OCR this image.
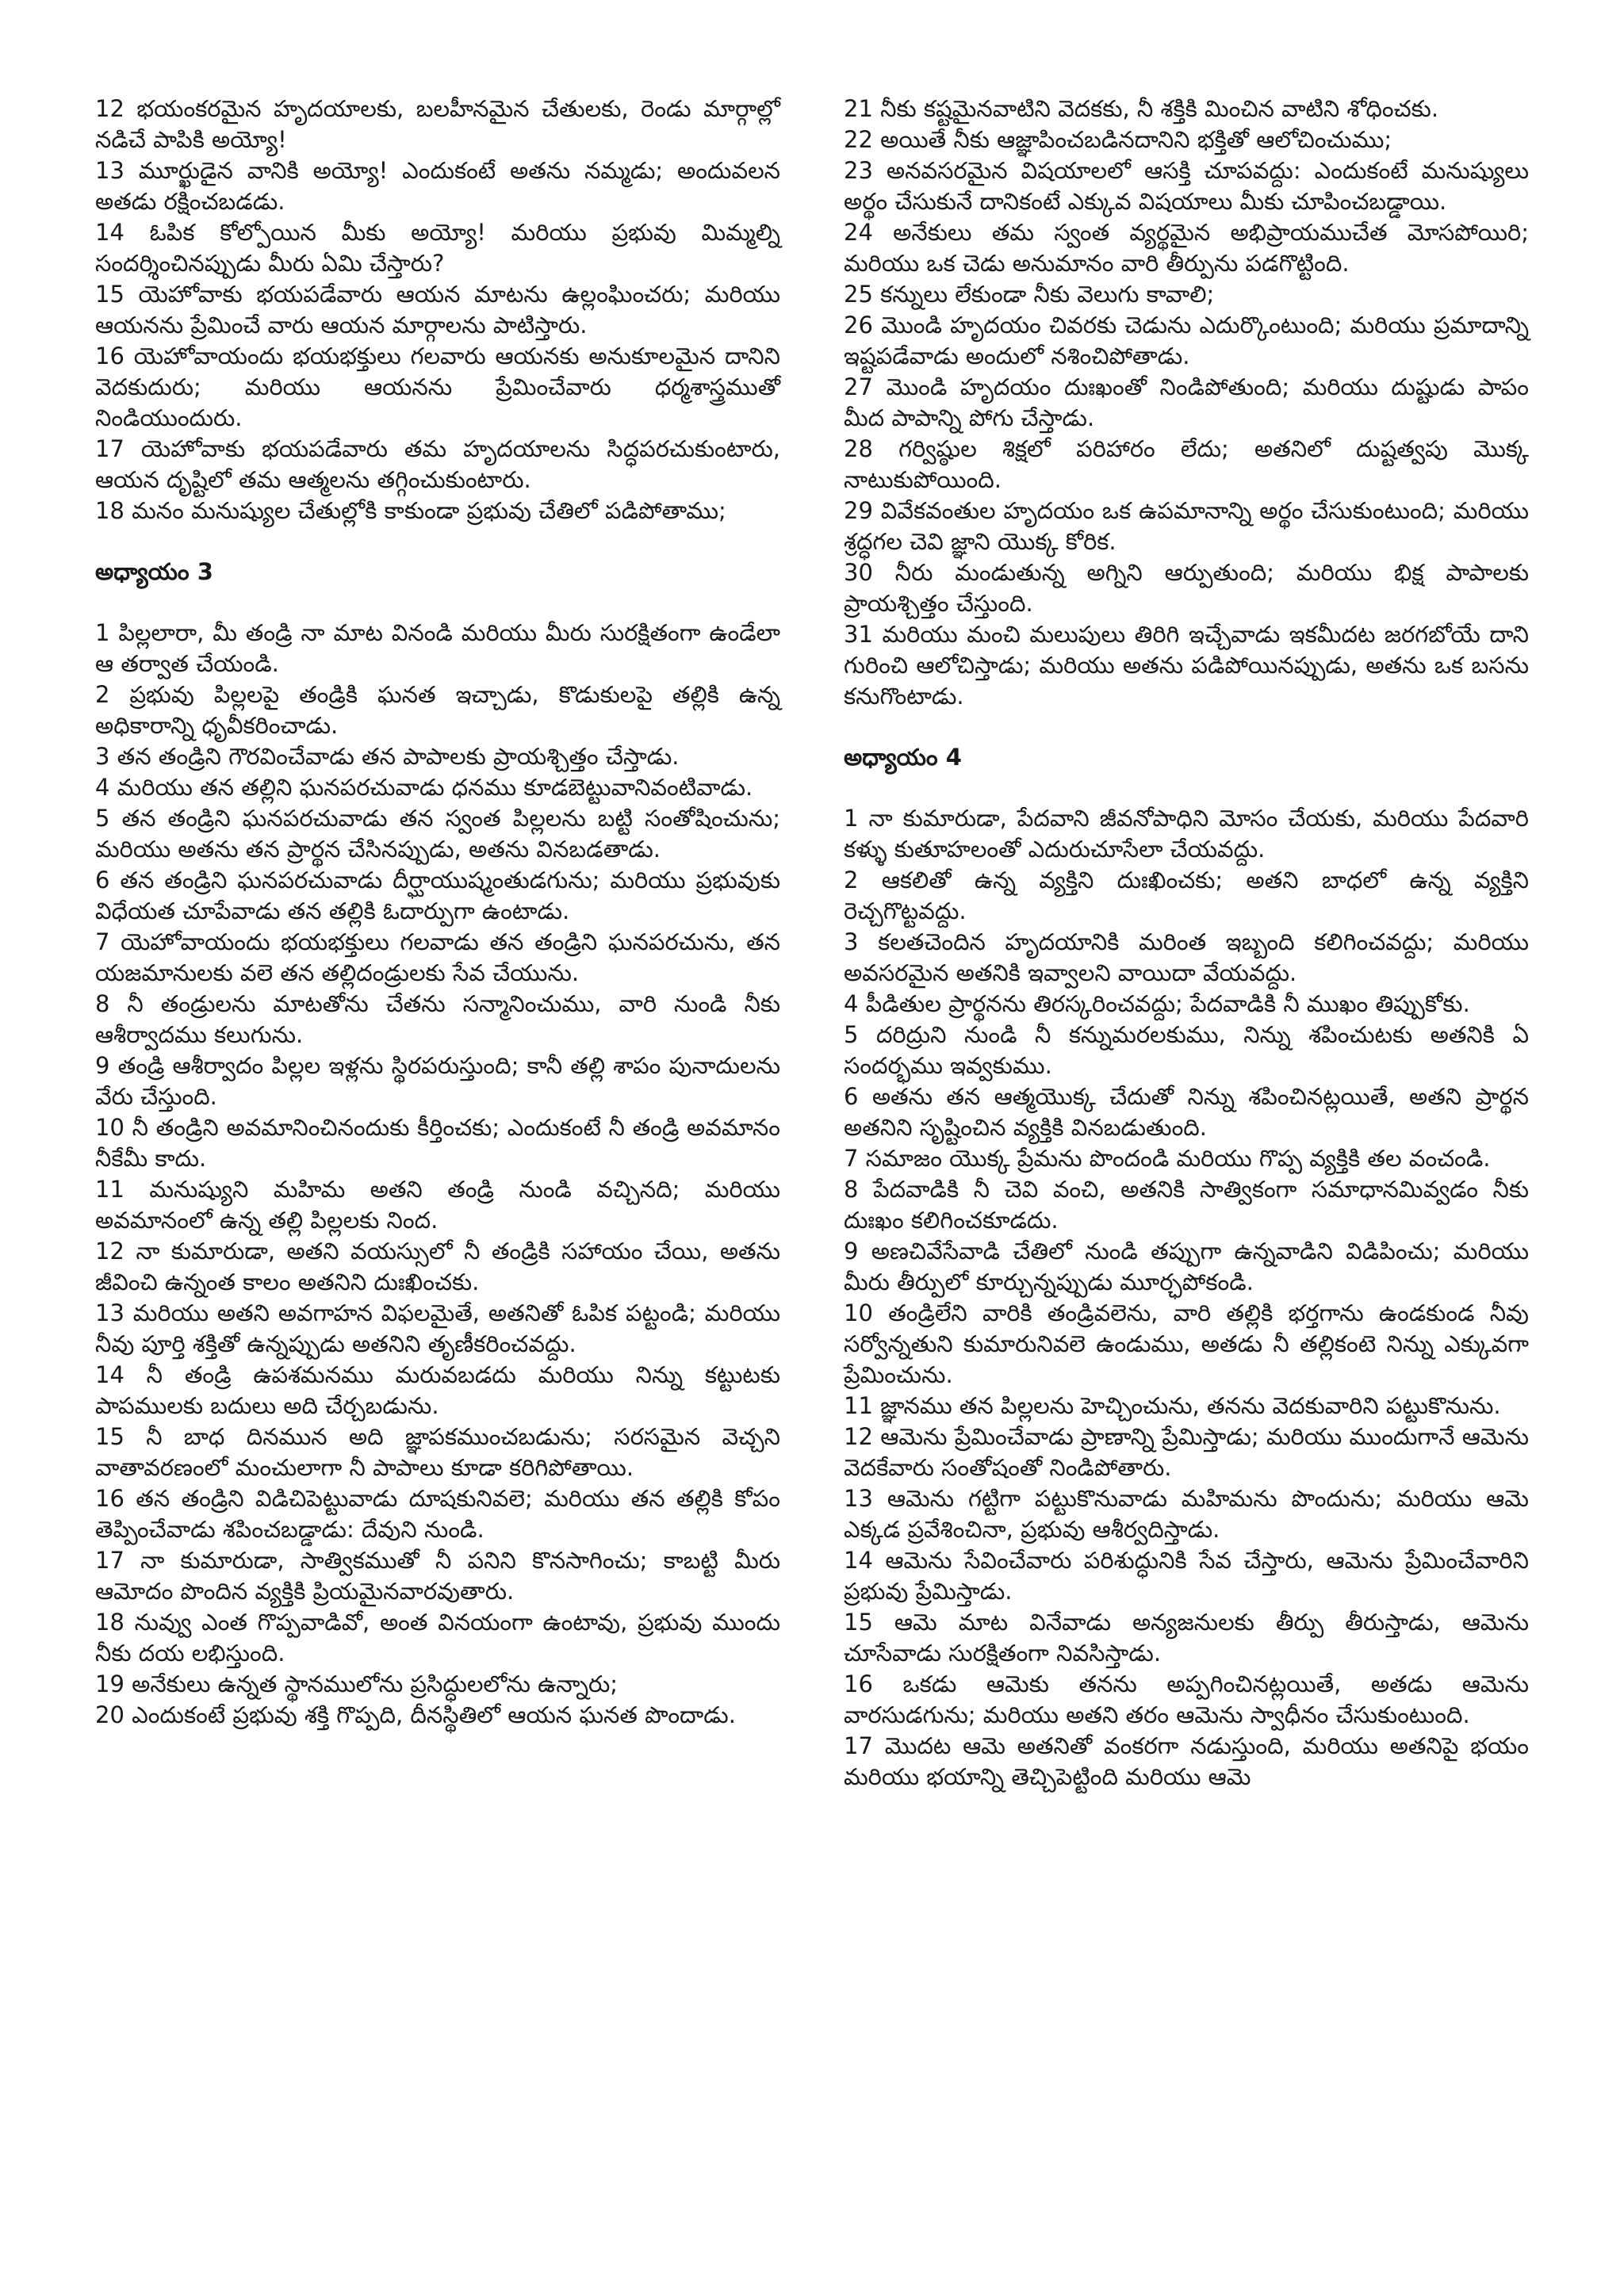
12 భయంకరమైన హృదయాలకు, బలహీనమైన చేతులకు, రెండు మార్గాల్లో నడిచే పాపికి అయ్యో!

13 మూర్ఖుడైన వానికి అయ్యో! ఎందుకంటే అతను నమ్మడు; అందువలన అతడు రక్షించబడడు.

14 ఓపిక కోల్పోయిన మీకు అయ్యో! మరియు ప్రభువు మిమ్మల్ని సందర్శించినప్పుడు మీరు ఏమి చేస్తారు?

15 యెహోవాకు భయపడేవారు ఆయన మాటను ఉల్లంఘించరు; మరియు ఆయనను ప్రేమించే వారు ఆయన మార్గాలను పాటిస్తారు.

16 యెహోవాయందు భయభక్తులు గలవారు ఆయనకు అనుకూలమైన దానిని వెదకుదురు; మరియు ఆయనను ప్రేమించేవారు ధర్మశాస్త్రముతో నిండియుందురు.

17 యెహోవాకు భయపడేవారు తమ హృదయాలను సిద్ధపరచుకుంటారు, ఆయన దృష్టిలో తమ ఆత్మలను తగ్గించుకుంటారు.

18 మనం మనుష్యుల చేతుల్లోకి కాకుండా ప్రభువు చేతిలో పడిపోతాము;

అధ్యాయం 3

1 పిల్లలారా, మీ తండ్రి నా మాట వినండి మరియు మీరు సురక్షితంగా ఉండేలా ఆ తర్వాత చేయండి.

2 ప్రభువు పిల్లలపై తండ్రికి ఘనత ఇచ్చాడు, కొడుకులపై తల్లికి ఉన్న అధికారాన్ని ధృవీకరించాడు.

3 తన తండ్రిని గౌరవించేవాడు తన పాపాలకు ప్రాయశ్చిత్తం చేస్తాడు.

4 మరియు తన తల్లిని ఘనపరచువాడు ధనము కూడబెట్టువానివంటివాడు.

5 తన తండ్రిని ఘనపరచువాడు తన స్వంత పిల్లలను బట్టి సంతోషించును; మరియు అతను తన ప్రార్థన చేసినప్పుడు, అతను వినబడతాడు.

6 తన తండ్రిని ఘనపరచువాడు దీర్ఘాయుష్మంతుడగును; మరియు ప్రభువుకు విధేయత చూపేవాడు తన తల్లికి ఓదార్పుగా ఉంటాడు.

7 యెహోవాయందు భయభక్తులు గలవాడు తన తండ్రిని ఘనపరచును, తన యజమానులకు వలె తన తల్లిదండ్రులకు సేవ చేయును.

8 నీ తండ్రులను మాటతోను చేతను సన్మానించుము, వారి నుండి నీకు ఆశీర్వాదము కలుగును.

9 తండ్రి ఆశీర్వాదం పిల్లల ఇళ్లను స్థిరపరుస్తుంది; కానీ తల్లి శాపం పునాదులను వేరు చేస్తుంది.

10 నీ తండ్రిని అవమానించినందుకు కీర్తించకు; ఎందుకంటే నీ తండ్రి అవమానం నీకేమీ కాదు.

11 మనుష్యుని మహిమ అతని తండ్రి నుండి వచ్చినది; మరియు అవమానంలో ఉన్న తల్లి పిల్లలకు నింద.

12 నా కుమారుడా, అతని వయస్సులో నీ తండ్రికి సహాయం చేయి, అతను జీవించి ఉన్నంత కాలం అతనిని దుఃఖించకు.

13 మరియు అతని అవగాహన విఫలమైతే, అతనితో ఓపిక పట్టండి; మరియు నీవు పూర్తి శక్తితో ఉన్నప్పుడు అతనిని తృణీకరించవద్దు.

14 నీ తండ్రి ఉపశమనము మరువబడదు మరియు నిన్ను కట్టుటకు పాపములకు బదులు అది చేర్చబడును.

15 నీ బాధ దినమున అది జ్ఞాపకముంచబడును; సరసమైన వెచ్చని వాతావరణంలో మంచులాగా నీ పాపాలు కూడా కరిగిపోతాయి.

16 తన తండ్రిని విడిచిపెట్టువాడు దూషకునివలె; మరియు తన తల్లికి కోపం తెప్పించేవాడు శపించబడ్డాడు: దేవుని నుండి.

17 నా కుమారుడా, సాత్వికముతో నీ పనిని కొనసాగించు; కాబట్టి మీరు ఆమోదం పొందిన వ్యక్తికి ప్రియమైనవారవుతారు.

18 నువ్వు ఎంత గొప్పవాడివో, అంత వినయంగా ఉంటావు, ప్రభువు ముందు నీకు దయ లభిస్తుంది.

19 అనేకులు ఉన్నత స్థానములోను ప్రసిద్ధులలోను ఉన్నారు;

20 ఎందుకంటే ప్రభువు శక్తి గొప్పది, దీనస్థితిలో ఆయన ఘనత పొందాడు.

21 నీకు కష్టమైనవాటిని వెదకకు, నీ శక్తికి మించిన వాటిని శోధించకు.

22 అయితే నీకు ఆజ్ఞాపించబడినదానిని భక్తితో ఆలోచించుము;

23 అనవసరమైన విషయాలలో ఆసక్తి చూపవద్దు: ఎందుకంటే మనుష్యులు అర్థం చేసుకునే దానికంటే ఎక్కువ విషయాలు మీకు చూపించబడ్డాయి.

24 అనేకులు తమ స్వంత వ్యర్థమైన అభిప్రాయముచేత మోసపోయిరి; మరియు ఒక చెడు అనుమానం వారి తీర్పును పడగొట్టింది.

25 కన్నులు లేకుండా నీకు వెలుగు కావాలి;

26 మొండి హృదయం చివరకు చెడును ఎదుర్కొంటుంది; మరియు ప్రమాదాన్ని ఇష్టపడేవాడు అందులో నశించిపోతాడు.

27 మొండి హృదయం దుఃఖంతో నిండిపోతుంది; మరియు దుష్టుడు పాపం మీద పాపాన్ని పోగు చేస్తాడు.

28 గర్విష్ఠుల శిక్షలో పరిహారం లేదు; అతనిలో దుష్టత్వపు మొక్క నాటుకుపోయింది.

29 వివేకవంతుల హృదయం ఒక ఉపమానాన్ని అర్థం చేసుకుంటుంది; మరియు శ్రద్ధగల చెవి జ్ఞాని యొక్క కోరిక.

30 నీరు మండుతున్న అగ్నిని ఆర్పుతుంది; మరియు భిక్ష పాపాలకు ప్రాయశ్చిత్తం చేస్తుంది.

31 మరియు మంచి మలుపులు తిరిగి ఇచ్చేవాడు ఇకమీదట జరగబోయే దాని గురించి ఆలోచిస్తాడు; మరియు అతను పడిపోయినప్పుడు, అతను ఒక బసను కనుగొంటాడు.

అధ్యాయం 4

1 నా కుమారుడా, పేదవాని జీవనోపాధిని మోసం చేయకు, మరియు పేదవారి కళ్ళు కుతూహలంతో ఎదురుచూసేలా చేయవద్దు.

2 ఆకలితో ఉన్న వ్యక్తిని దుఃఖించకు; అతని బాధలో ఉన్న వ్యక్తిని రెచ్చగొట్టవద్దు.

3 కలతచెందిన హృదయానికి మరింత ఇబ్బంది కలిగించవద్దు; మరియు అవసరమైన అతనికి ఇవ్వాలని వాయిదా వేయవద్దు.

4 పీడితుల ప్రార్థనను తిరస్కరించవద్దు; పేదవాడికి నీ ముఖం తిప్పుకోకు.

5 దరిద్రుని నుండి నీ కన్నుమరలకుము, నిన్ను శపించుటకు అతనికి ఏ సందర్భము ఇవ్వకుము.

6 అతను తన ఆత్మయొక్క చేదుతో నిన్ను శపించినట్లయితే, అతని ప్రార్థన అతనిని సృష్టించిన వ్యక్తికి వినబడుతుంది.

7 సమాజం యొక్క ప్రేమను పొందండి మరియు గొప్ప వ్యక్తికి తల వంచండి.

8 పేదవాడికి నీ చెవి వంచి, అతనికి సాత్వికంగా సమాధానమివ్వడం నీకు దుఃఖం కలిగించకూడదు.

9 అణచివేసేవాడి చేతిలో నుండి తప్పుగా ఉన్నవాడిని విడిపించు; మరియు మీరు తీర్పులో కూర్చున్నప్పుడు మూర్ఛపోకండి.

10 తండ్రిలేని వారికి తండ్రివలెను, వారి తల్లికి భర్తగాను ఉండకుండ నీవు సర్వోన్నతుని కుమారునివలె ఉండుము, అతడు నీ తల్లికంటె నిన్ను ఎక్కువగా ప్రేమించును.

11 జ్ఞానము తన పిల్లలను హెచ్చించును, తనను వెదకువారిని పట్టుకొనును.

12 ఆమెను ప్రేమించేవాడు ప్రాణాన్ని ప్రేమిస్తాడు; మరియు ముందుగానే ఆమెను వెదకేవారు సంతోషంతో నిండిపోతారు.

13 ఆమెను గట్టిగా పట్టుకొనువాడు మహిమను పొందును; మరియు ఆమె ఎక్కడ ప్రవేశించినా, ప్రభువు ఆశీర్వదిస్తాడు.

14 ఆమెను సేవించేవారు పరిశుద్ధునికి సేవ చేస్తారు, ఆమెను ప్రేమించేవారిని ప్రభువు ప్రేమిస్తాడు.

15 ఆమె మాట వినేవాడు అన్యజనులకు తీర్పు తీరుస్తాడు, ఆమెను చూసేవాడు సురక్షితంగా నివసిస్తాడు.

16 ఒకడు ఆమెకు తనను అప్పగించినట్లయితే, అతడు ఆమెను వారసుడగును; మరియు అతని తరం ఆమెను స్వాధీనం చేసుకుంటుంది.

17 మొదట ఆమె అతనితో వంకరగా నడుస్తుంది, మరియు అతనిపై భయం మరియు భయాన్ని తెచ్చిపెట్టింది మరియు ఆమె
